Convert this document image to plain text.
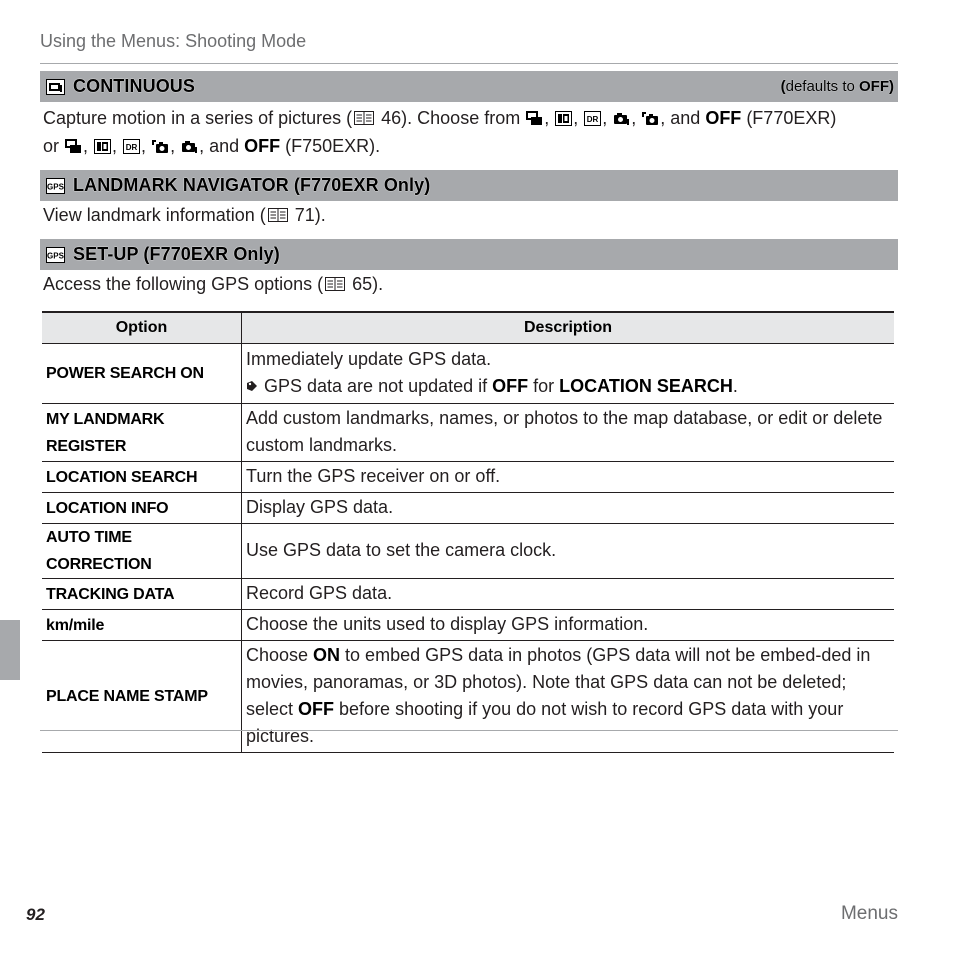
Using the Menus: Shooting Mode
CONTINUOUS	(defaults to OFF)
Capture motion in a series of pictures ( 46). Choose from , , DR , , , and OFF (F770EXR)
or , , DR , , , and OFF (F750EXR).
GPS LANDMARK NAVIGATOR (F770EXR Only)
View landmark information ( 71).
GPS SET-UP (F770EXR Only)
Access the following GPS options ( 65).
Option	Description
POWER SEARCH ON	Immediately update GPS data.
GPS data are not updated if OFF for LOCATION SEARCH.
MY LANDMARK REGISTER	Add custom landmarks, names, or photos to the map database, or edit or delete custom landmarks.
LOCATION SEARCH	Turn the GPS receiver on or off.
LOCATION INFO	Display GPS data.
AUTO TIME CORRECTION	Use GPS data to set the camera clock.
TRACKING DATA	Record GPS data.
km/mile	Choose the units used to display GPS information.
PLACE NAME STAMP	Choose ON to embed GPS data in photos (GPS data will not be embed-ded in movies, panoramas, or 3D photos). Note that GPS data can not be deleted; select OFF before shooting if you do not wish to record GPS data with your pictures.
92	Menus
